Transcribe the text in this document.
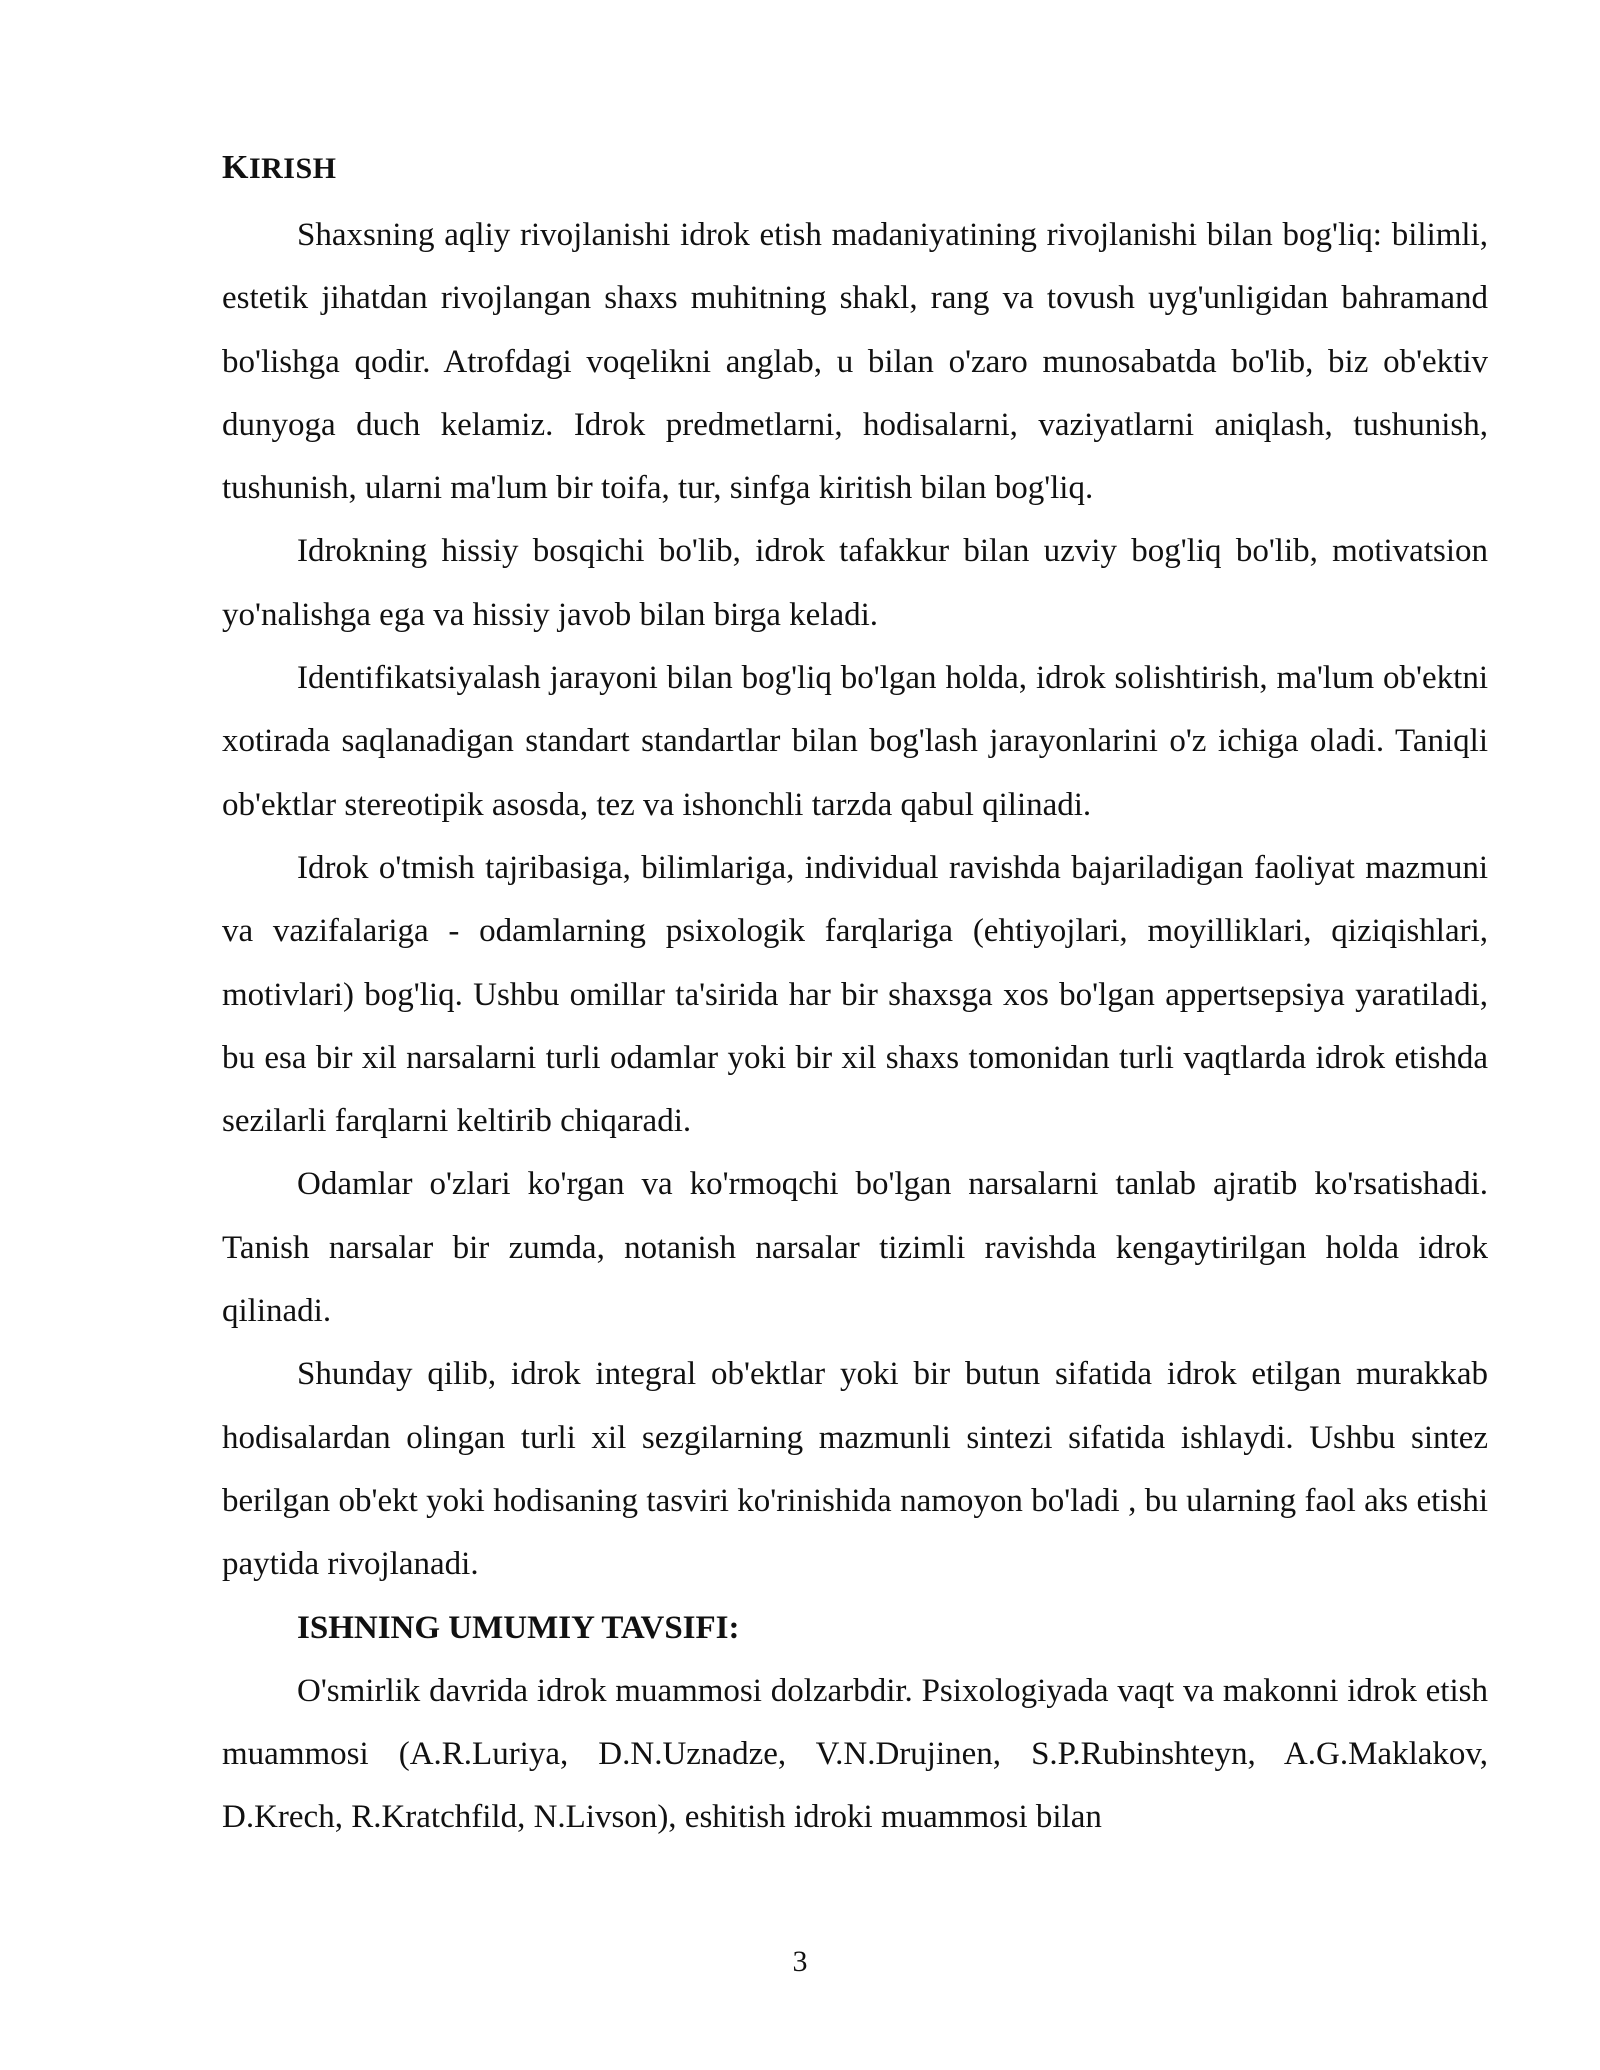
KIRISH

Shaxsning aqliy rivojlanishi idrok etish madaniyatining rivojlanishi bilan bog'liq: bilimli, estetik jihatdan rivojlangan shaxs muhitning shakl, rang va tovush uyg'unligidan bahramand bo'lishga qodir. Atrofdagi voqelikni anglab, u bilan o'zaro munosabatda bo'lib, biz ob'ektiv dunyoga duch kelamiz. Idrok predmetlarni, hodisalarni, vaziyatlarni aniqlash, tushunish, tushunish, ularni ma'lum bir toifa, tur, sinfga kiritish bilan bog'liq.

Idrokning hissiy bosqichi bo'lib, idrok tafakkur bilan uzviy bog'liq bo'lib, motivatsion yo'nalishga ega va hissiy javob bilan birga keladi.

Identifikatsiyalash jarayoni bilan bog'liq bo'lgan holda, idrok solishtirish, ma'lum ob'ektni xotirada saqlanadigan standart standartlar bilan bog'lash jarayonlarini o'z ichiga oladi. Taniqli ob'ektlar stereotipik asosda, tez va ishonchli tarzda qabul qilinadi.

Idrok o'tmish tajribasiga, bilimlariga, individual ravishda bajariladigan faoliyat mazmuni va vazifalariga - odamlarning psixologik farqlariga (ehtiyojlari, moyilliklari, qiziqishlari, motivlari) bog'liq. Ushbu omillar ta'sirida har bir shaxsga xos bo'lgan appertsepsiya yaratiladi, bu esa bir xil narsalarni turli odamlar yoki bir xil shaxs tomonidan turli vaqtlarda idrok etishda sezilarli farqlarni keltirib chiqaradi.

Odamlar o'zlari ko'rgan va ko'rmoqchi bo'lgan narsalarni tanlab ajratib ko'rsatishadi. Tanish narsalar bir zumda, notanish narsalar tizimli ravishda kengaytirilgan holda idrok qilinadi.

Shunday qilib, idrok integral ob'ektlar yoki bir butun sifatida idrok etilgan murakkab hodisalardan olingan turli xil sezgilarning mazmunli sintezi sifatida ishlaydi. Ushbu sintez berilgan ob'ekt yoki hodisaning tasviri ko'rinishida namoyon bo'ladi , bu ularning faol aks etishi paytida rivojlanadi.

ISHNING UMUMIY TAVSIFI:

O'smirlik davrida idrok muammosi dolzarbdir. Psixologiyada vaqt va makonni idrok etish muammosi (A.R.Luriya, D.N.Uznadze, V.N.Drujinen, S.P.Rubinshteyn, A.G.Maklakov, D.Krech, R.Kratchfild, N.Livson), eshitish idroki muammosi bilan

3
